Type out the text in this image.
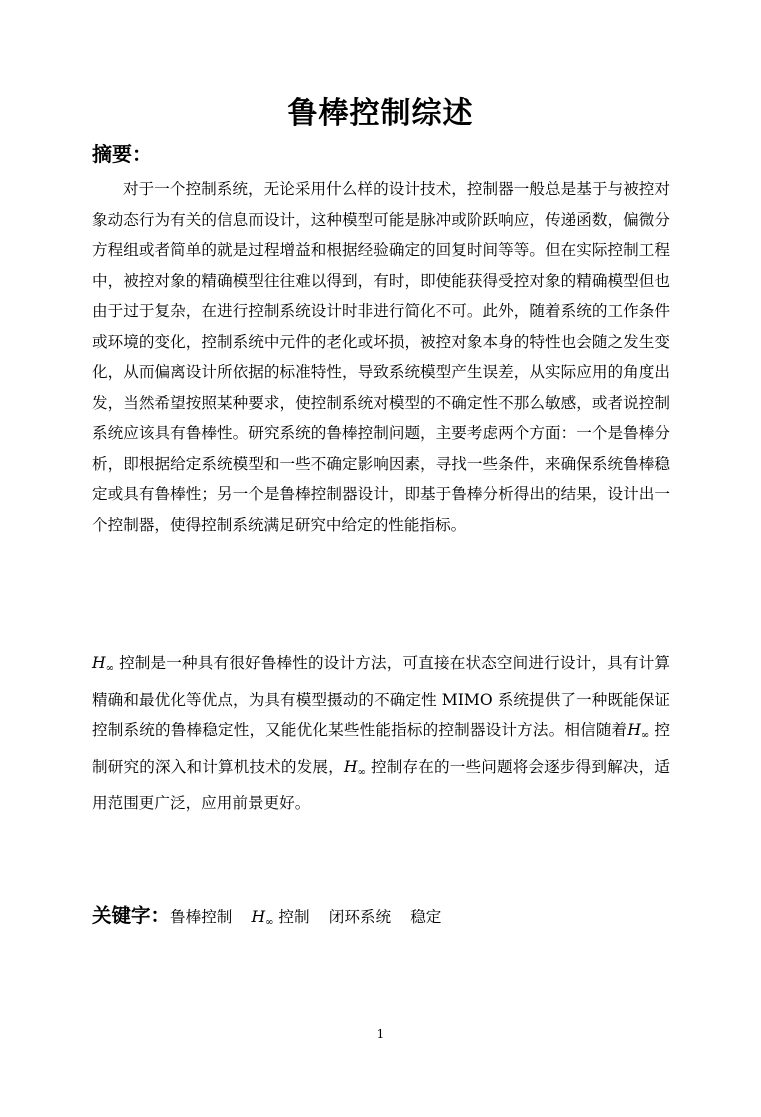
鲁棒控制综述
摘要：
对于一个控制系统，无论采用什么样的设计技术，控制器一般总是基于与被控对象动态行为有关的信息而设计，这种模型可能是脉冲或阶跃响应，传递函数，偏微分方程组或者简单的就是过程增益和根据经验确定的回复时间等等。但在实际控制工程中，被控对象的精确模型往往难以得到，有时，即使能获得受控对象的精确模型但也由于过于复杂，在进行控制系统设计时非进行简化不可。此外，随着系统的工作条件或环境的变化，控制系统中元件的老化或坏损，被控对象本身的特性也会随之发生变化，从而偏离设计所依据的标准特性，导致系统模型产生误差，从实际应用的角度出发，当然希望按照某种要求，使控制系统对模型的不确定性不那么敏感，或者说控制系统应该具有鲁棒性。研究系统的鲁棒控制问题，主要考虑两个方面：一个是鲁棒分析，即根据给定系统模型和一些不确定影响因素，寻找一些条件，来确保系统鲁棒稳定或具有鲁棒性；另一个是鲁棒控制器设计，即基于鲁棒分析得出的结果，设计出一个控制器，使得控制系统满足研究中给定的性能指标。
$H_\infty$ 控制是一种具有很好鲁棒性的设计方法，可直接在状态空间进行设计，具有计算精确和最优化等优点，为具有模型摄动的不确定性 MIMO 系统提供了一种既能保证控制系统的鲁棒稳定性，又能优化某些性能指标的控制器设计方法。相信随着$H_\infty$ 控制研究的深入和计算机技术的发展，$H_\infty$ 控制存在的一些问题将会逐步得到解决，适用范围更广泛，应用前景更好。
关键字：鲁棒控制 $H_\infty$ 控制 闭环系统 稳定
1
